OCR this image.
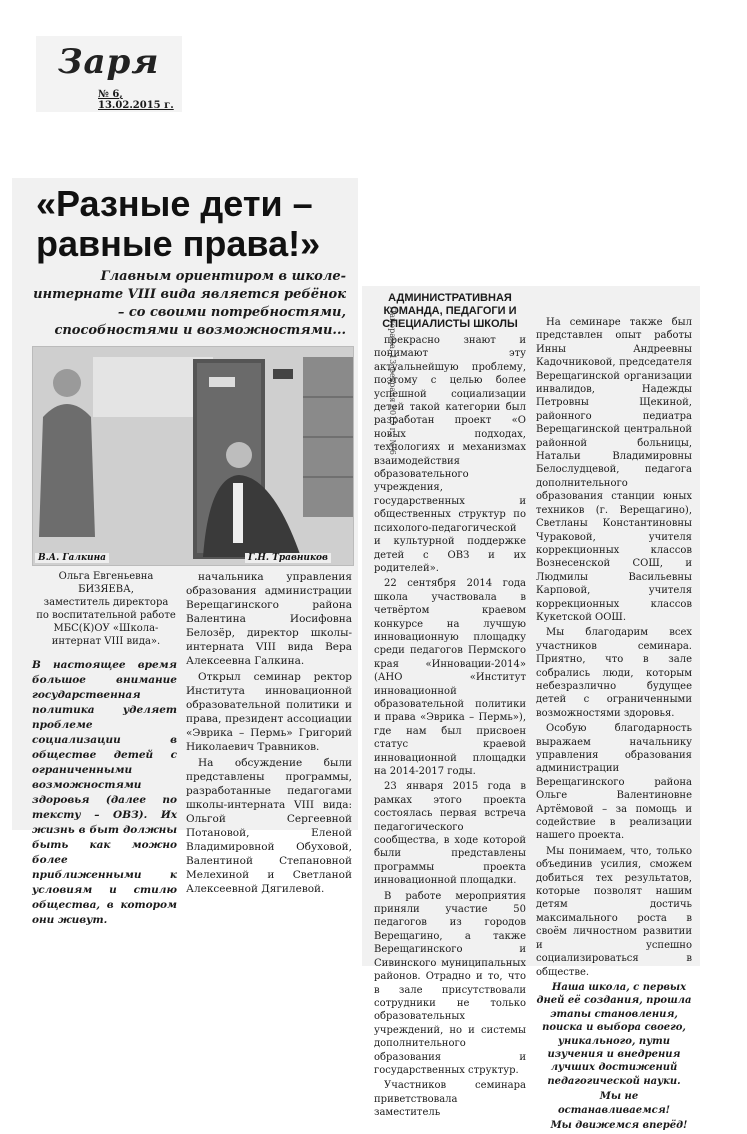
Заря
№ 6, 13.02.2015 г.
«Разные дети – равные права!»
Главным ориентиром в школе-интернате VIII вида является ребёнок – со своими потребностями, способностями и возможностями...
В.А. Галкина	Г.Н. Травников
Ольга Евгеньевна
БИЗЯЕВА,
заместитель директора по воспитательной работе МБС(К)ОУ «Школа-интернат VIII вида».
В настоящее время большое внимание государственная политика уделяет проблеме социализации в обществе детей с ограниченными возможностями здоровья (далее по тексту – ОВЗ). Их жизнь в быт должны быть как можно более приближенными к условиям и стилю общества, в котором они живут.

начальника управления образования администрации Верещагинского района Валентина Иосифовна Белозёр, директор школы-интерната VIII вида Вера Алексеевна Галкина.

Открыл семинар ректор Института инновационной образовательной политики и права, президент ассоциации «Эврика – Пермь» Григорий Николаевич Травников.

На обсуждение были представлены программы, разработанные педагогами школы-интерната VIII вида: Ольгой Сергеевной Потановой, Еленой Владимировной Обуховой, Валентиной Степановной Мелехиной и Светланой Алексеевной Дягилевой.

Панорама, 13 февраля 2015 г., № 6
АДМИНИСТРАТИВНАЯ КОМАНДА, ПЕДАГОГИ И СПЕЦИАЛИСТЫ ШКОЛЫ

прекрасно знают и понимают эту актуальнейшую проблему, поэтому с целью более успешной социализации детей такой категории был разработан проект «О новых подходах, технологиях и механизмах взаимодействия образовательного учреждения, государственных и общественных структур по психолого-педагогической и культурной поддержке детей с ОВЗ и их родителей».

22 сентября 2014 года школа участвовала в четвёртом краевом конкурсе на лучшую инновационную площадку среди педагогов Пермского края «Инновации-2014» (АНО «Институт инновационной образовательной политики и права «Эврика – Пермь»), где нам был присвоен статус краевой инновационной площадки на 2014-2017 годы.

23 января 2015 года в рамках этого проекта состоялась первая встреча педагогического сообщества, в ходе которой были представлены программы проекта инновационной площадки.

В работе мероприятия приняли участие 50 педагогов из городов Верещагино, а также Верещагинского и Сивинского муниципальных районов. Отрадно и то, что в зале присутствовали сотрудники не только образовательных учреждений, но и системы дополнительного образования и государственных структур.

Участников семинара приветствовала заместитель

На семинаре также был представлен опыт работы Инны Андреевны Кадочниковой, председателя Верещагинской организации инвалидов, Надежды Петровны Щекиной, районного педиатра Верещагинской центральной районной больницы, Натальи Владимировны Белослудцевой, педагога дополнительного образования станции юных техников (г. Верещагино), Светланы Константиновны Чураковой, учителя коррекционных классов Вознесенской СОШ, и Людмилы Васильевны Карповой, учителя коррекционных классов Кукетской ООШ.

Мы благодарим всех участников семинара. Приятно, что в зале собрались люди, которым небезразлично будущее детей с ограниченными возможностями здоровья.

Особую благодарность выражаем начальнику управления образования администрации Верещагинского района Ольге Валентиновне Артёмовой – за помощь и содействие в реализации нашего проекта.

Мы понимаем, что, только объединив усилия, сможем добиться тех результатов, которые позволят нашим детям достичь максимального роста в своём личностном развитии и успешно социализироваться в обществе.

Наша школа, с первых дней её создания, прошла этапы становления, поиска и выбора своего, уникального, пути изучения и внедрения лучших достижений педагогической науки.

Мы не останавливаемся!

Мы движемся вперёд!
